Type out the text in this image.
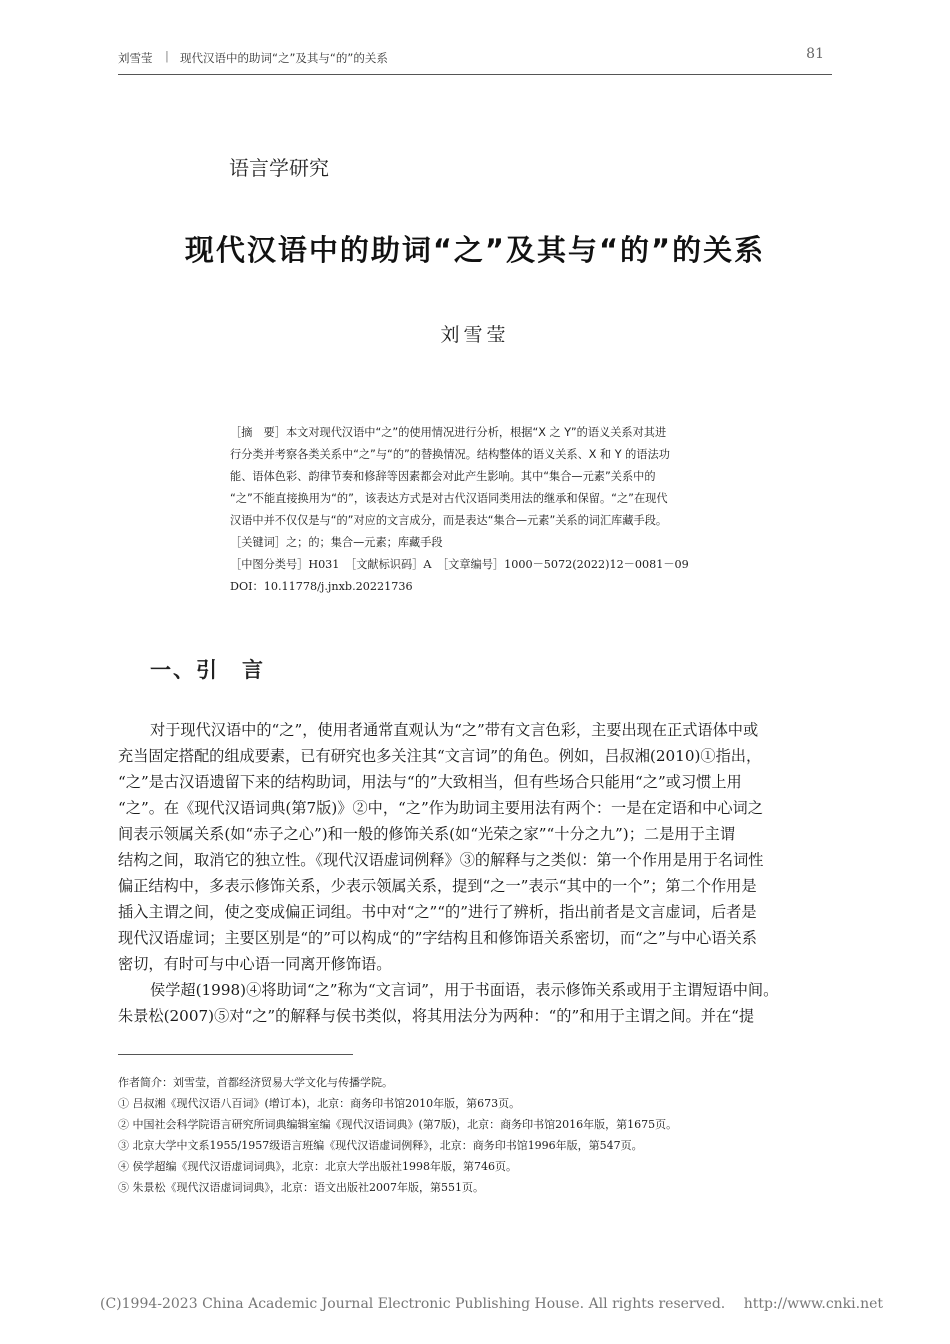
刘雪莹 | 现代汉语中的助词“之”及其与“的”的关系	81
语言学研究
现代汉语中的助词“之”及其与“的”的关系
刘雪莹
［摘　要］本文对现代汉语中“之”的使用情况进行分析，根据“X 之 Y”的语义关系对其进
行分类并考察各类关系中“之”与“的”的替换情况。结构整体的语义关系、X 和 Y 的语法功
能、语体色彩、韵律节奏和修辞等因素都会对此产生影响。其中“集合—元素”关系中的
“之”不能直接换用为“的”，该表达方式是对古代汉语同类用法的继承和保留。“之”在现代
汉语中并不仅仅是与“的”对应的文言成分，而是表达“集合—元素”关系的词汇库藏手段。
［关键词］之；的；集合—元素；库藏手段
［中图分类号］H031　［文献标识码］A　［文章编号］1000－5072(2022)12－0081－09
DOI：10.11778/j.jnxb.20221736
一、引　言
对于现代汉语中的“之”，使用者通常直观认为“之”带有文言色彩，主要出现在正式语体中或
充当固定搭配的组成要素，已有研究也多关注其“文言词”的角色。例如，吕叔湘(2010)①指出，
“之”是古汉语遗留下来的结构助词，用法与“的”大致相当，但有些场合只能用“之”或习惯上用
“之”。在《现代汉语词典(第7版)》②中，“之”作为助词主要用法有两个：一是在定语和中心词之
间表示领属关系(如“赤子之心”)和一般的修饰关系(如“光荣之家”“十分之九”)；二是用于主谓
结构之间，取消它的独立性。《现代汉语虚词例释》③的解释与之类似：第一个作用是用于名词性
偏正结构中，多表示修饰关系，少表示领属关系，提到“之一”表示“其中的一个”；第二个作用是
插入主谓之间，使之变成偏正词组。书中对“之”“的”进行了辨析，指出前者是文言虚词，后者是
现代汉语虚词；主要区别是“的”可以构成“的”字结构且和修饰语关系密切，而“之”与中心语关系
密切，有时可与中心语一同离开修饰语。
侯学超(1998)④将助词“之”称为“文言词”，用于书面语，表示修饰关系或用于主谓短语中间。
朱景松(2007)⑤对“之”的解释与侯书类似，将其用法分为两种：“的”和用于主谓之间。并在“提
作者简介：刘雪莹，首都经济贸易大学文化与传播学院。
① 吕叔湘《现代汉语八百词》(增订本)，北京：商务印书馆2010年版，第673页。
② 中国社会科学院语言研究所词典编辑室编《现代汉语词典》(第7版)，北京：商务印书馆2016年版，第1675页。
③ 北京大学中文系1955/1957级语言班编《现代汉语虚词例释》，北京：商务印书馆1996年版，第547页。
④ 侯学超编《现代汉语虚词词典》，北京：北京大学出版社1998年版，第746页。
⑤ 朱景松《现代汉语虚词词典》，北京：语文出版社2007年版，第551页。
(C)1994-2023 China Academic Journal Electronic Publishing House. All rights reserved. http://www.cnki.net
